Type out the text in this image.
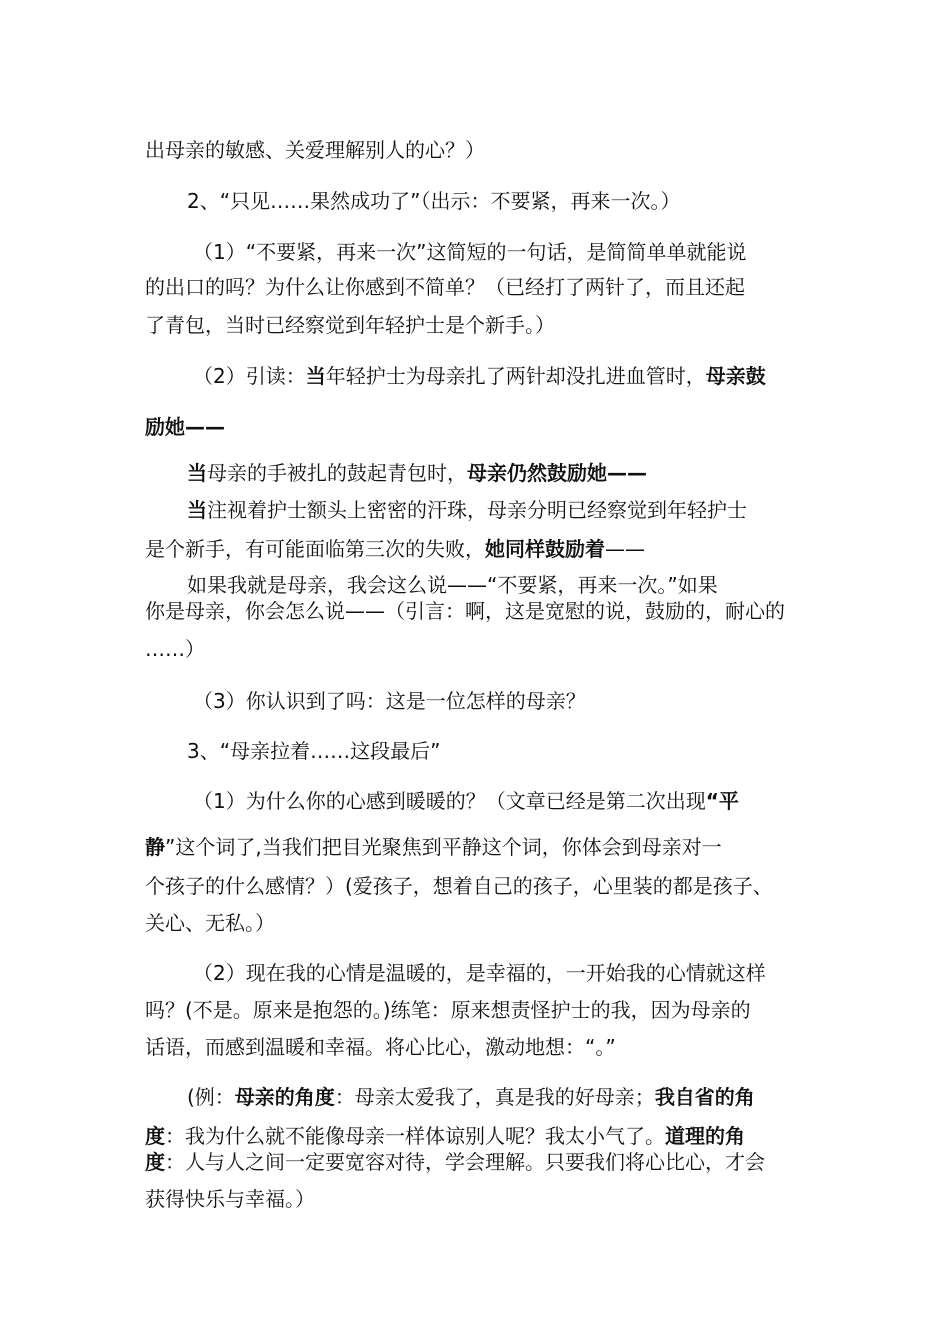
出母亲的敏感、关爱理解别人的心？）
2、“只见……果然成功了”（出示：不要紧，再来一次。）
（1）“不要紧，再来一次”这简短的一句话，是简简单单就能说
的出口的吗？为什么让你感到不简单？（已经打了两针了，而且还起
了青包，当时已经察觉到年轻护士是个新手。）
（2）引读：当年轻护士为母亲扎了两针却没扎进血管时，母亲鼓
励她——
当母亲的手被扎的鼓起青包时，母亲仍然鼓励她——
当注视着护士额头上密密的汗珠，母亲分明已经察觉到年轻护士
是个新手，有可能面临第三次的失败，她同样鼓励着——
如果我就是母亲，我会这么说——“不要紧，再来一次。”如果
你是母亲，你会怎么说——（引言：啊，这是宽慰的说，鼓励的，耐心的
……）
（3）你认识到了吗：这是一位怎样的母亲？
3、“母亲拉着……这段最后”
（1）为什么你的心感到暖暖的？（文章已经是第二次出现“平
静”这个词了,当我们把目光聚焦到平静这个词，你体会到母亲对一
个孩子的什么感情？）(爱孩子，想着自己的孩子，心里装的都是孩子、
关心、无私。）
（2）现在我的心情是温暖的，是幸福的，一开始我的心情就这样
吗？(不是。原来是抱怨的。)练笔：原来想责怪护士的我，因为母亲的
话语，而感到温暖和幸福。将心比心，激动地想：“。”
(例：母亲的角度：母亲太爱我了，真是我的好母亲；我自省的角
度：我为什么就不能像母亲一样体谅别人呢？我太小气了。道理的角
度：人与人之间一定要宽容对待，学会理解。只要我们将心比心，才会
获得快乐与幸福。）
